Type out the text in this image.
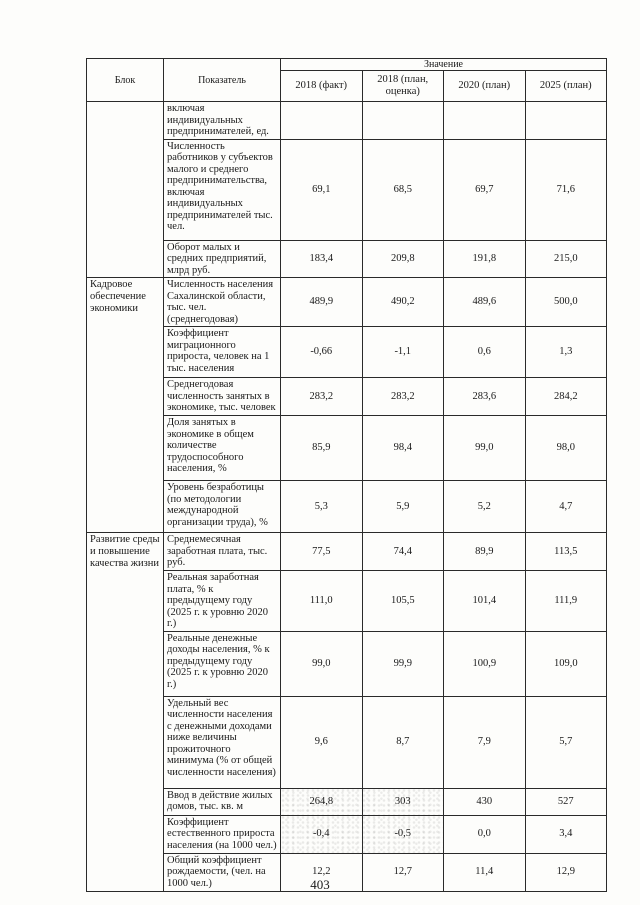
Блок	Показатель	Значение			
		2018 (факт)	2018 (план, оценка)	2020 (план)	2025 (план)
	включая индивидуальных предпринимателей, ед.				
	Численность работников у субъектов малого и среднего предпринимательства, включая индивидуальных предпринимателей тыс. чел.	69,1	68,5	69,7	71,6
	Оборот малых и средних предприятий, млрд руб.	183,4	209,8	191,8	215,0
Кадровое обеспечение экономики	Численность населения Сахалинской области, тыс. чел. (среднегодовая)	489,9	490,2	489,6	500,0
	Коэффициент миграционного прироста, человек на 1 тыс. населения	-0,66	-1,1	0,6	1,3
	Среднегодовая численность занятых в экономике, тыс. человек	283,2	283,2	283,6	284,2
	Доля занятых в экономике в общем количестве трудоспособного населения, %	85,9	98,4	99,0	98,0
	Уровень безработицы (по методологии международной организации труда), %	5,3	5,9	5,2	4,7
Развитие среды и повышение качества жизни	Среднемесячная заработная плата, тыс. руб.	77,5	74,4	89,9	113,5
	Реальная заработная плата, % к предыдущему году (2025 г. к уровню 2020 г.)	111,0	105,5	101,4	111,9
	Реальные денежные доходы населения, % к предыдущему году (2025 г. к уровню 2020 г.)	99,0	99,9	100,9	109,0
	Удельный вес численности населения с денежными доходами ниже величины прожиточного минимума (% от общей численности населения)	9,6	8,7	7,9	5,7
	Ввод в действие жилых домов, тыс. кв. м	264,8	303	430	527
	Коэффициент естественного прироста населения (на 1000 чел.)	-0,4	-0,5	0,0	3,4
	Общий коэффициент рождаемости, (чел. на 1000 чел.)	12,2	12,7	11,4	12,9
403
